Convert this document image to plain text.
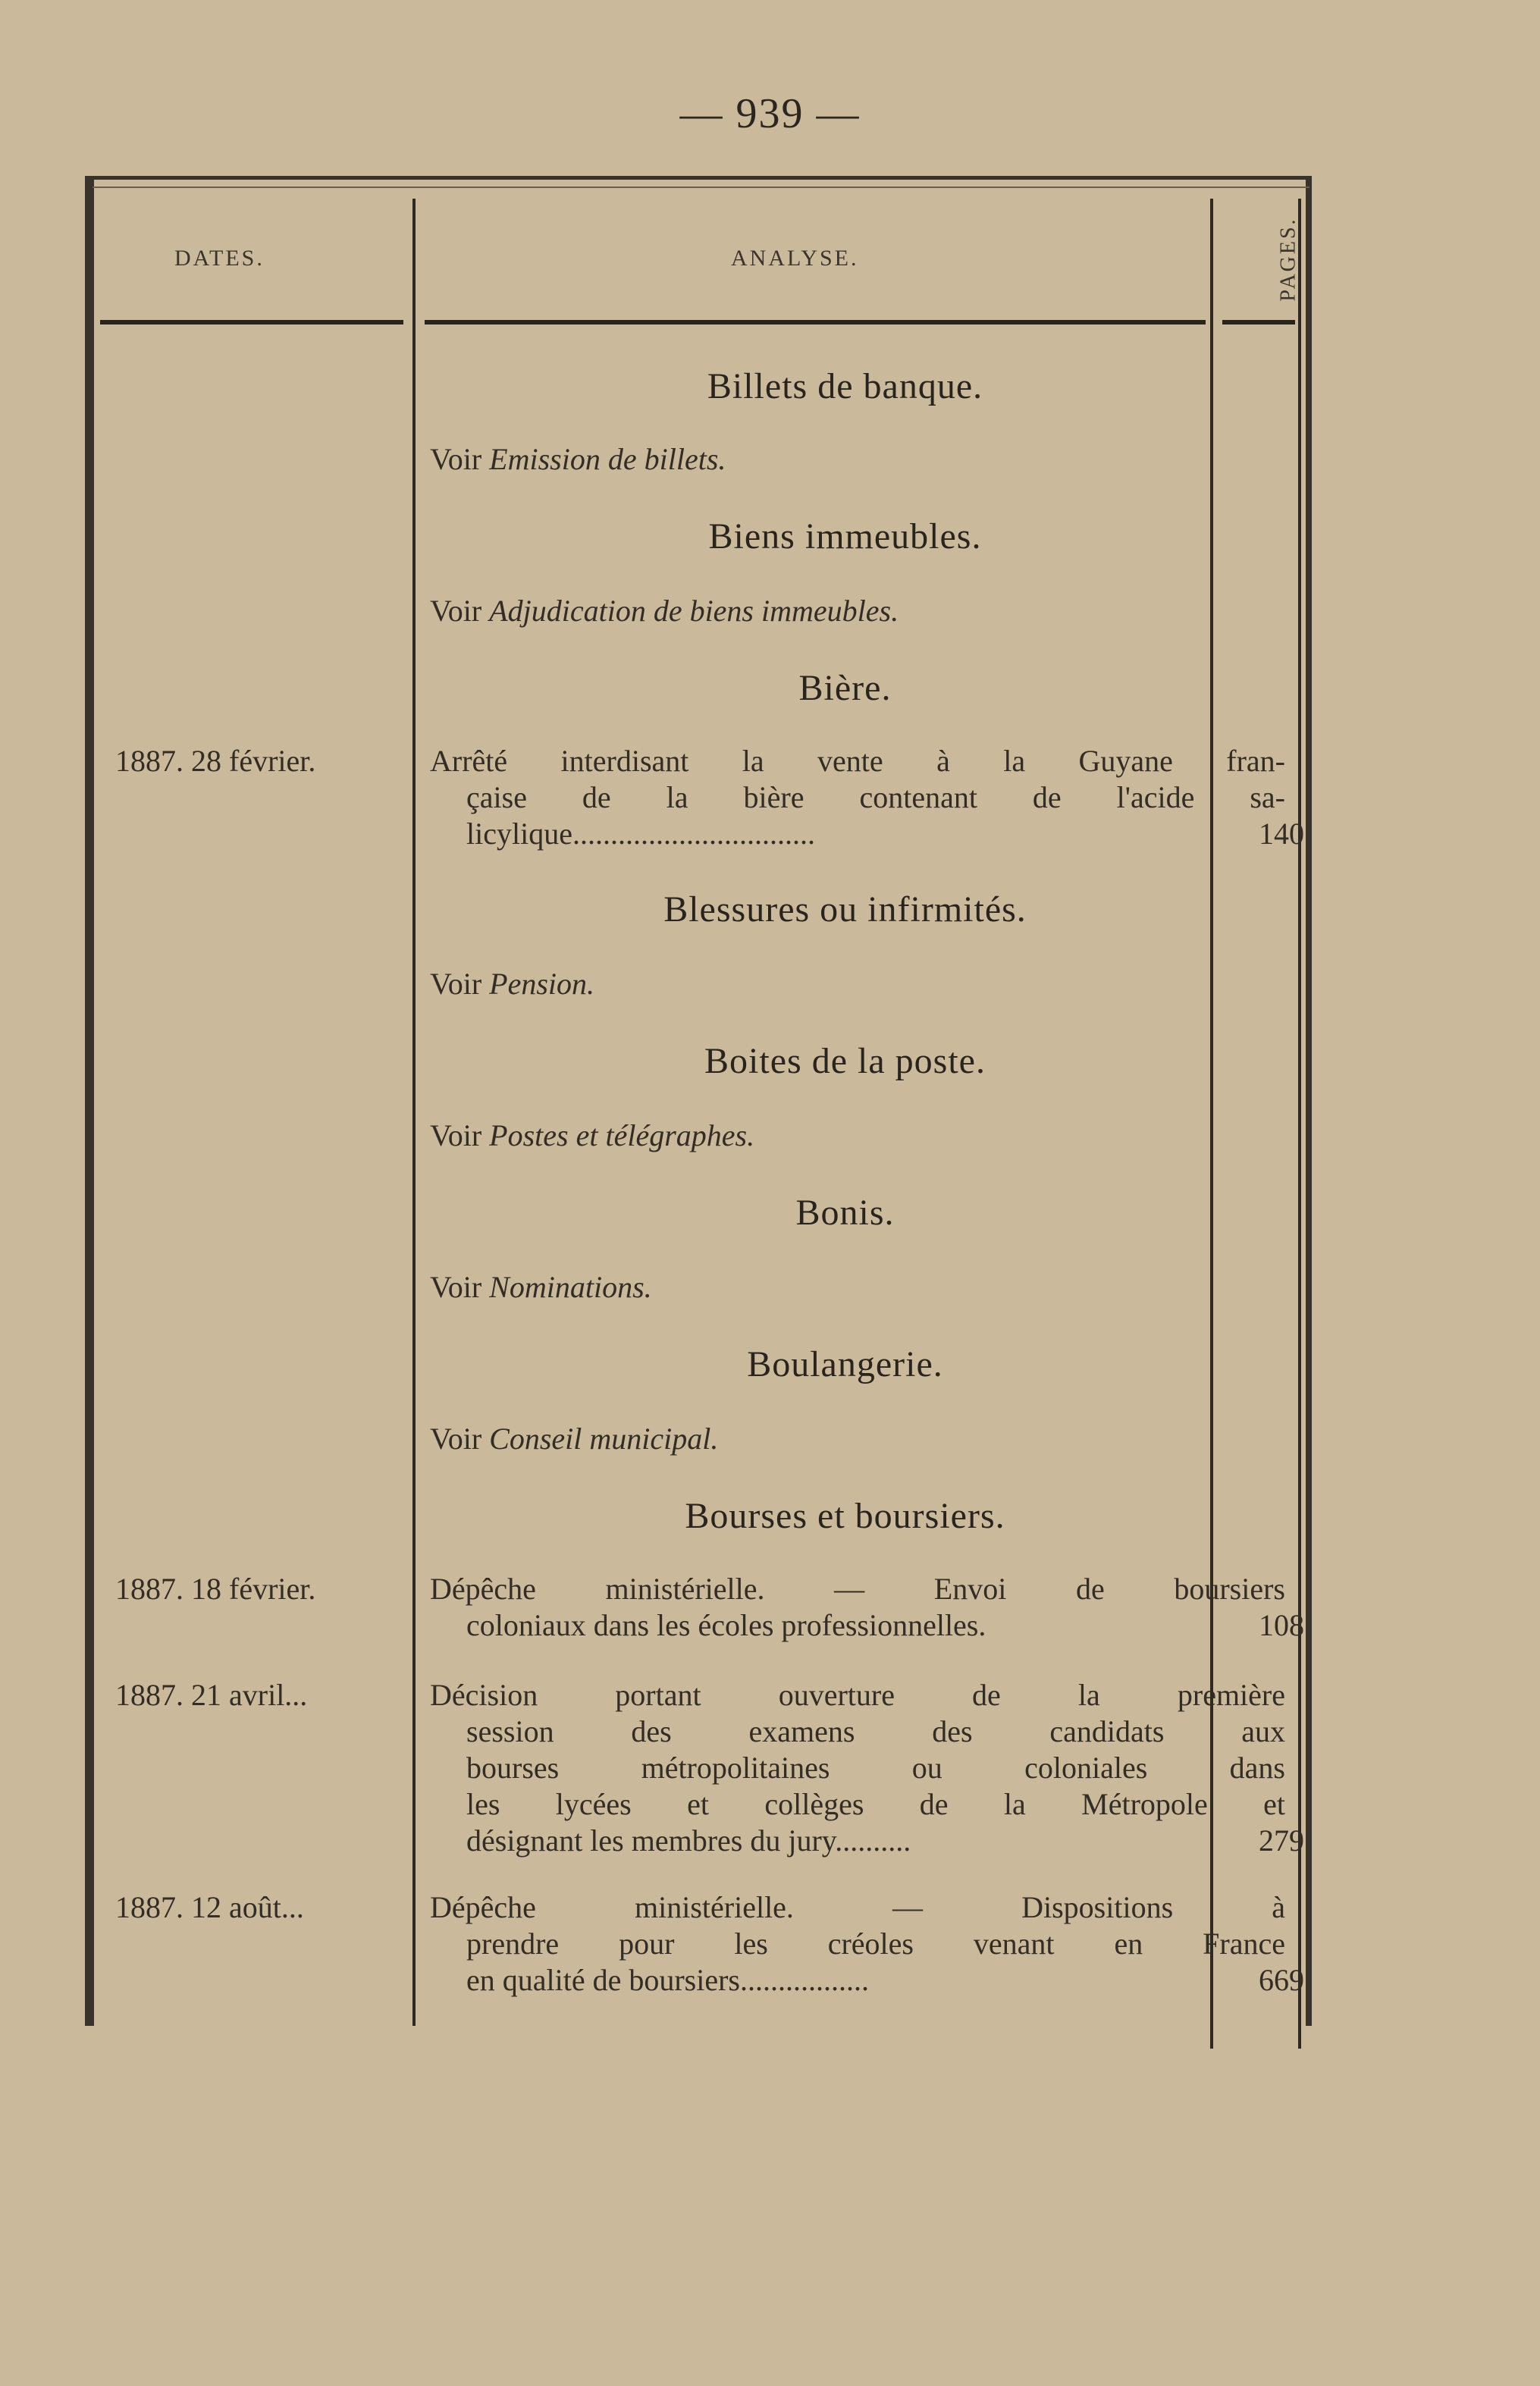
— 939 —
DATES.	ANALYSE.	PAGES.
Billets de banque.
Voir Emission de billets.
Biens immeubles.
Voir Adjudication de biens immeubles.
Bière.
1887. 28 février.	Arrêté interdisant la vente à la Guyane fran-
çaise de la bière contenant de l'acide sa-
licylique................................	140
Blessures ou infirmités.
Voir Pension.
Boites de la poste.
Voir Postes et télégraphes.
Bonis.
Voir Nominations.
Boulangerie.
Voir Conseil municipal.
Bourses et boursiers.
1887. 18 février.	Dépêche ministérielle. — Envoi de boursiers
coloniaux dans les écoles professionnelles.	108
1887. 21 avril...	Décision portant ouverture de la première
session des examens des candidats aux
bourses métropolitaines ou coloniales dans
les lycées et collèges de la Métropole et
désignant les membres du jury..........	279
1887. 12 août...	Dépêche ministérielle. — Dispositions à
prendre pour les créoles venant en France
en qualité de boursiers.................	669
